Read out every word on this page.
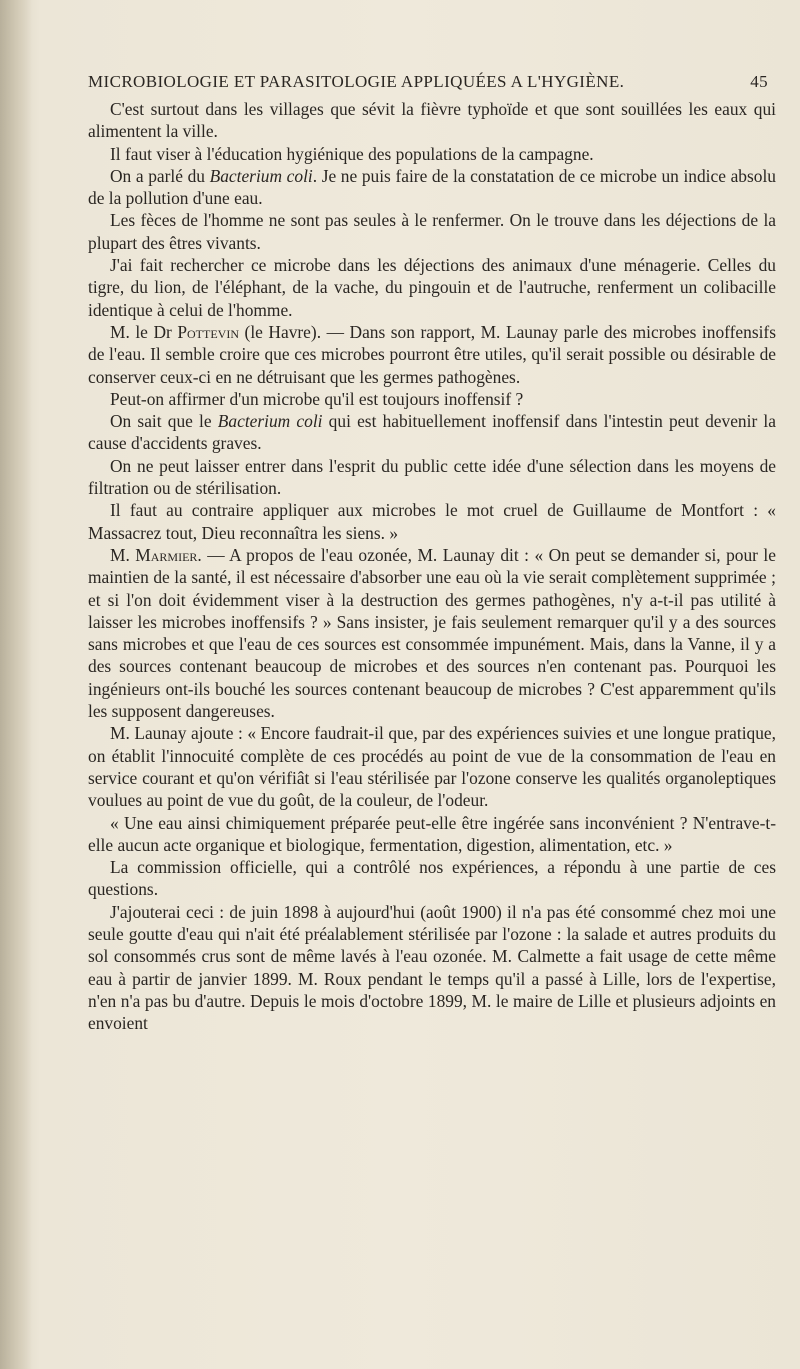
MICROBIOLOGIE ET PARASITOLOGIE APPLIQUÉES A L'HYGIÈNE.	45

C'est surtout dans les villages que sévit la fièvre typhoïde et que sont souillées les eaux qui alimentent la ville.

Il faut viser à l'éducation hygiénique des populations de la campagne.

On a parlé du Bacterium coli. Je ne puis faire de la constatation de ce microbe un indice absolu de la pollution d'une eau.

Les fèces de l'homme ne sont pas seules à le renfermer. On le trouve dans les déjections de la plupart des êtres vivants.

J'ai fait rechercher ce microbe dans les déjections des animaux d'une ménagerie. Celles du tigre, du lion, de l'éléphant, de la vache, du pingouin et de l'autruche, renferment un colibacille identique à celui de l'homme.

M. le Dr Pottevin (le Havre). — Dans son rapport, M. Launay parle des microbes inoffensifs de l'eau. Il semble croire que ces microbes pourront être utiles, qu'il serait possible ou désirable de conserver ceux-ci en ne détruisant que les germes pathogènes.

Peut-on affirmer d'un microbe qu'il est toujours inoffensif ?

On sait que le Bacterium coli qui est habituellement inoffensif dans l'intestin peut devenir la cause d'accidents graves.

On ne peut laisser entrer dans l'esprit du public cette idée d'une sélection dans les moyens de filtration ou de stérilisation.

Il faut au contraire appliquer aux microbes le mot cruel de Guillaume de Montfort : « Massacrez tout, Dieu reconnaîtra les siens. »

M. Marmier. — A propos de l'eau ozonée, M. Launay dit : « On peut se demander si, pour le maintien de la santé, il est nécessaire d'absorber une eau où la vie serait complètement supprimée ; et si l'on doit évidemment viser à la destruction des germes pathogènes, n'y a-t-il pas utilité à laisser les microbes inoffensifs ? » Sans insister, je fais seulement remarquer qu'il y a des sources sans microbes et que l'eau de ces sources est consommée impunément. Mais, dans la Vanne, il y a des sources contenant beaucoup de microbes et des sources n'en contenant pas. Pourquoi les ingénieurs ont-ils bouché les sources contenant beaucoup de microbes ? C'est apparemment qu'ils les supposent dangereuses.

M. Launay ajoute : « Encore faudrait-il que, par des expériences suivies et une longue pratique, on établit l'innocuité complète de ces procédés au point de vue de la consommation de l'eau en service courant et qu'on vérifiât si l'eau stérilisée par l'ozone conserve les qualités organoleptiques voulues au point de vue du goût, de la couleur, de l'odeur.

« Une eau ainsi chimiquement préparée peut-elle être ingérée sans inconvénient ? N'entrave-t-elle aucun acte organique et biologique, fermentation, digestion, alimentation, etc. »

La commission officielle, qui a contrôlé nos expériences, a répondu à une partie de ces questions.

J'ajouterai ceci : de juin 1898 à aujourd'hui (août 1900) il n'a pas été consommé chez moi une seule goutte d'eau qui n'ait été préalablement stérilisée par l'ozone : la salade et autres produits du sol consommés crus sont de même lavés à l'eau ozonée. M. Calmette a fait usage de cette même eau à partir de janvier 1899. M. Roux pendant le temps qu'il a passé à Lille, lors de l'expertise, n'en n'a pas bu d'autre. Depuis le mois d'octobre 1899, M. le maire de Lille et plusieurs adjoints en envoient
